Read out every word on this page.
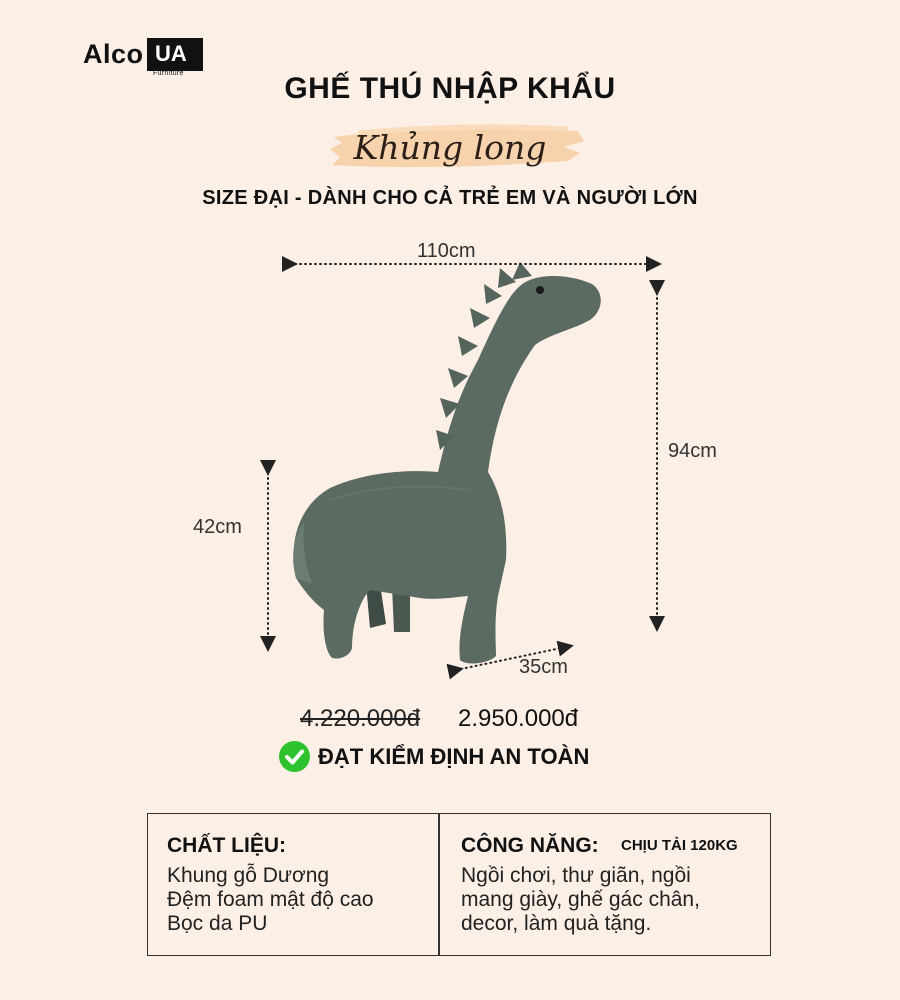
Alco UA
Furniture	GHẾ THÚ NHẬP KHẨU
Khủng long
SIZE ĐẠI - DÀNH CHO CẢ TRẺ EM VÀ NGƯỜI LỚN
110cm
94cm
42cm
35cm
4.220.000đ 2.950.000đ
ĐẠT KIỂM ĐỊNH AN TOÀN
CHẤT LIỆU:
Khung gỗ Dương
Đệm foam mật độ cao
Bọc da PU
CÔNG NĂNG: CHỊU TẢI 120KG
Ngồi chơi, thư giãn, ngồi
mang giày, ghế gác chân,
decor, làm quà tặng.
